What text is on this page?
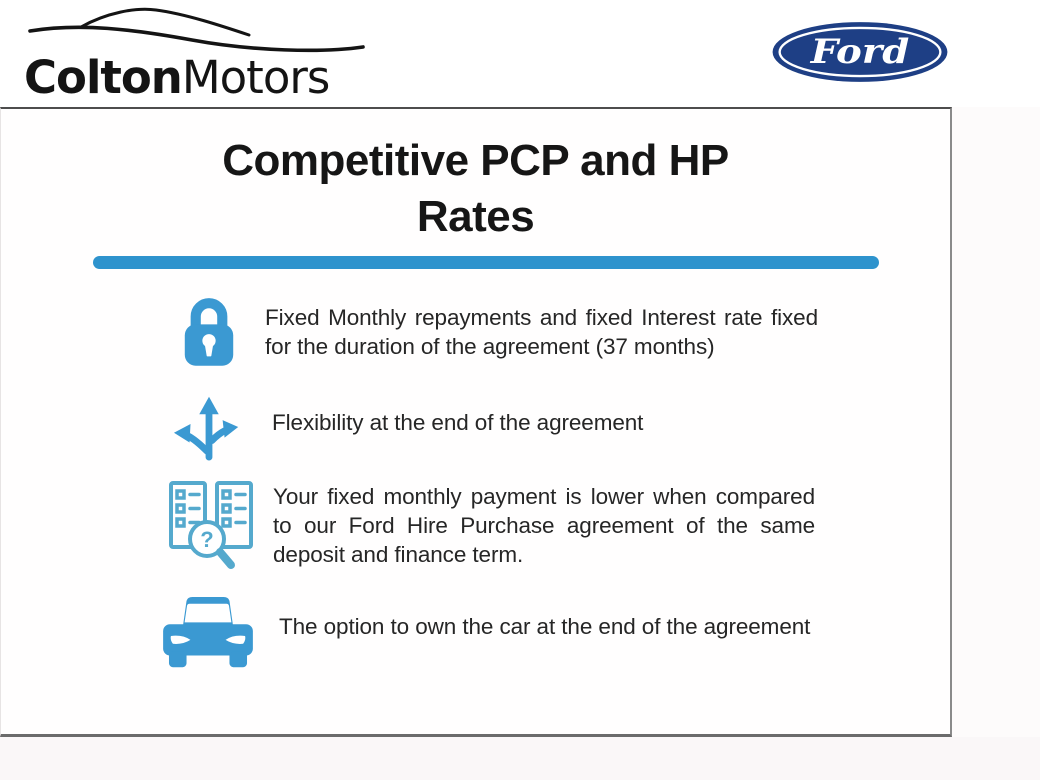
ColtonMotors	Ford
Competitive PCP and HP
Rates
Fixed Monthly repayments and fixed Interest rate fixed for the duration of the agreement (37 months)
Flexibility at the end of the agreement
?
Your fixed monthly payment is lower when compared to our Ford Hire Purchase agreement of the same deposit and finance term.
The option to own the car at the end of the agreement
